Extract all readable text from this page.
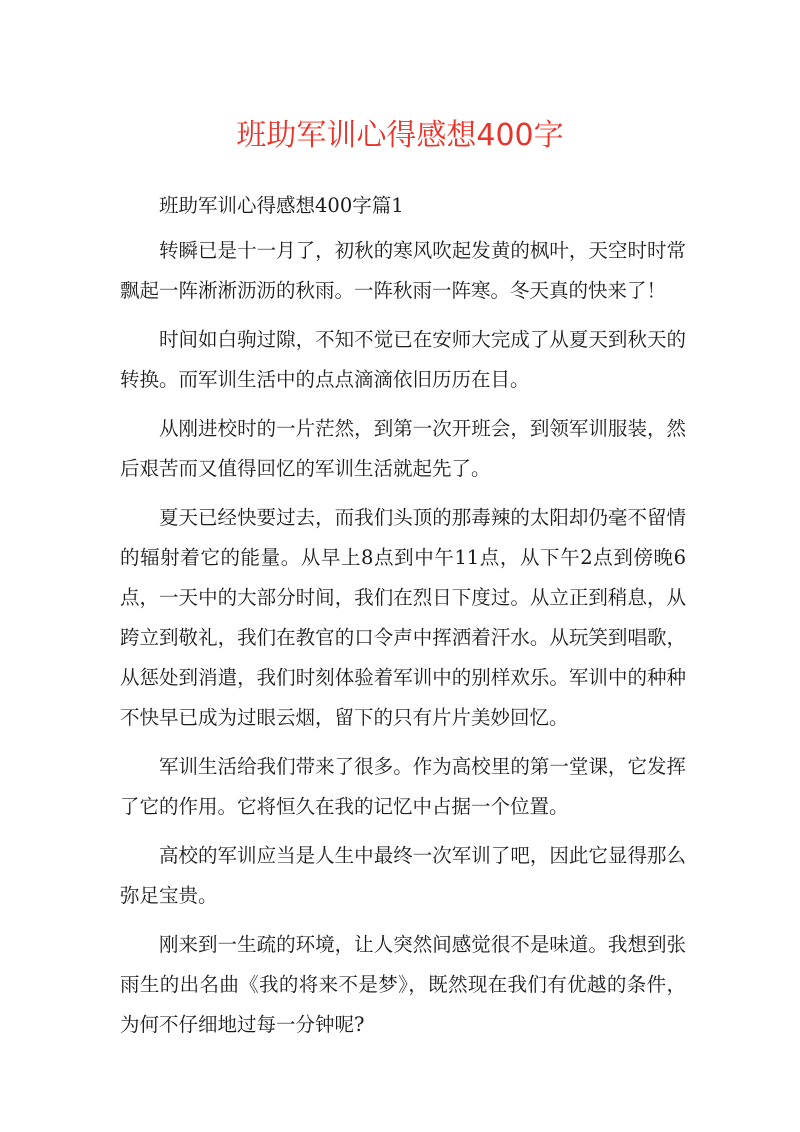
班助军训心得感想400字

班助军训心得感想400字篇1

转瞬已是十一月了，初秋的寒风吹起发黄的枫叶，天空时时常飘起一阵淅淅沥沥的秋雨。一阵秋雨一阵寒。冬天真的快来了！

时间如白驹过隙，不知不觉已在安师大完成了从夏天到秋天的转换。而军训生活中的点点滴滴依旧历历在目。

从刚进校时的一片茫然，到第一次开班会，到领军训服装，然后艰苦而又值得回忆的军训生活就起先了。

夏天已经快要过去，而我们头顶的那毒辣的太阳却仍毫不留情的辐射着它的能量。从早上8点到中午11点，从下午2点到傍晚6点，一天中的大部分时间，我们在烈日下度过。从立正到稍息，从跨立到敬礼，我们在教官的口令声中挥洒着汗水。从玩笑到唱歌，从惩处到消遣，我们时刻体验着军训中的别样欢乐。军训中的种种不快早已成为过眼云烟，留下的只有片片美妙回忆。

军训生活给我们带来了很多。作为高校里的第一堂课，它发挥了它的作用。它将恒久在我的记忆中占据一个位置。

高校的军训应当是人生中最终一次军训了吧，因此它显得那么弥足宝贵。

刚来到一生疏的环境，让人突然间感觉很不是味道。我想到张雨生的出名曲《我的将来不是梦》，既然现在我们有优越的条件，为何不仔细地过每一分钟呢?
